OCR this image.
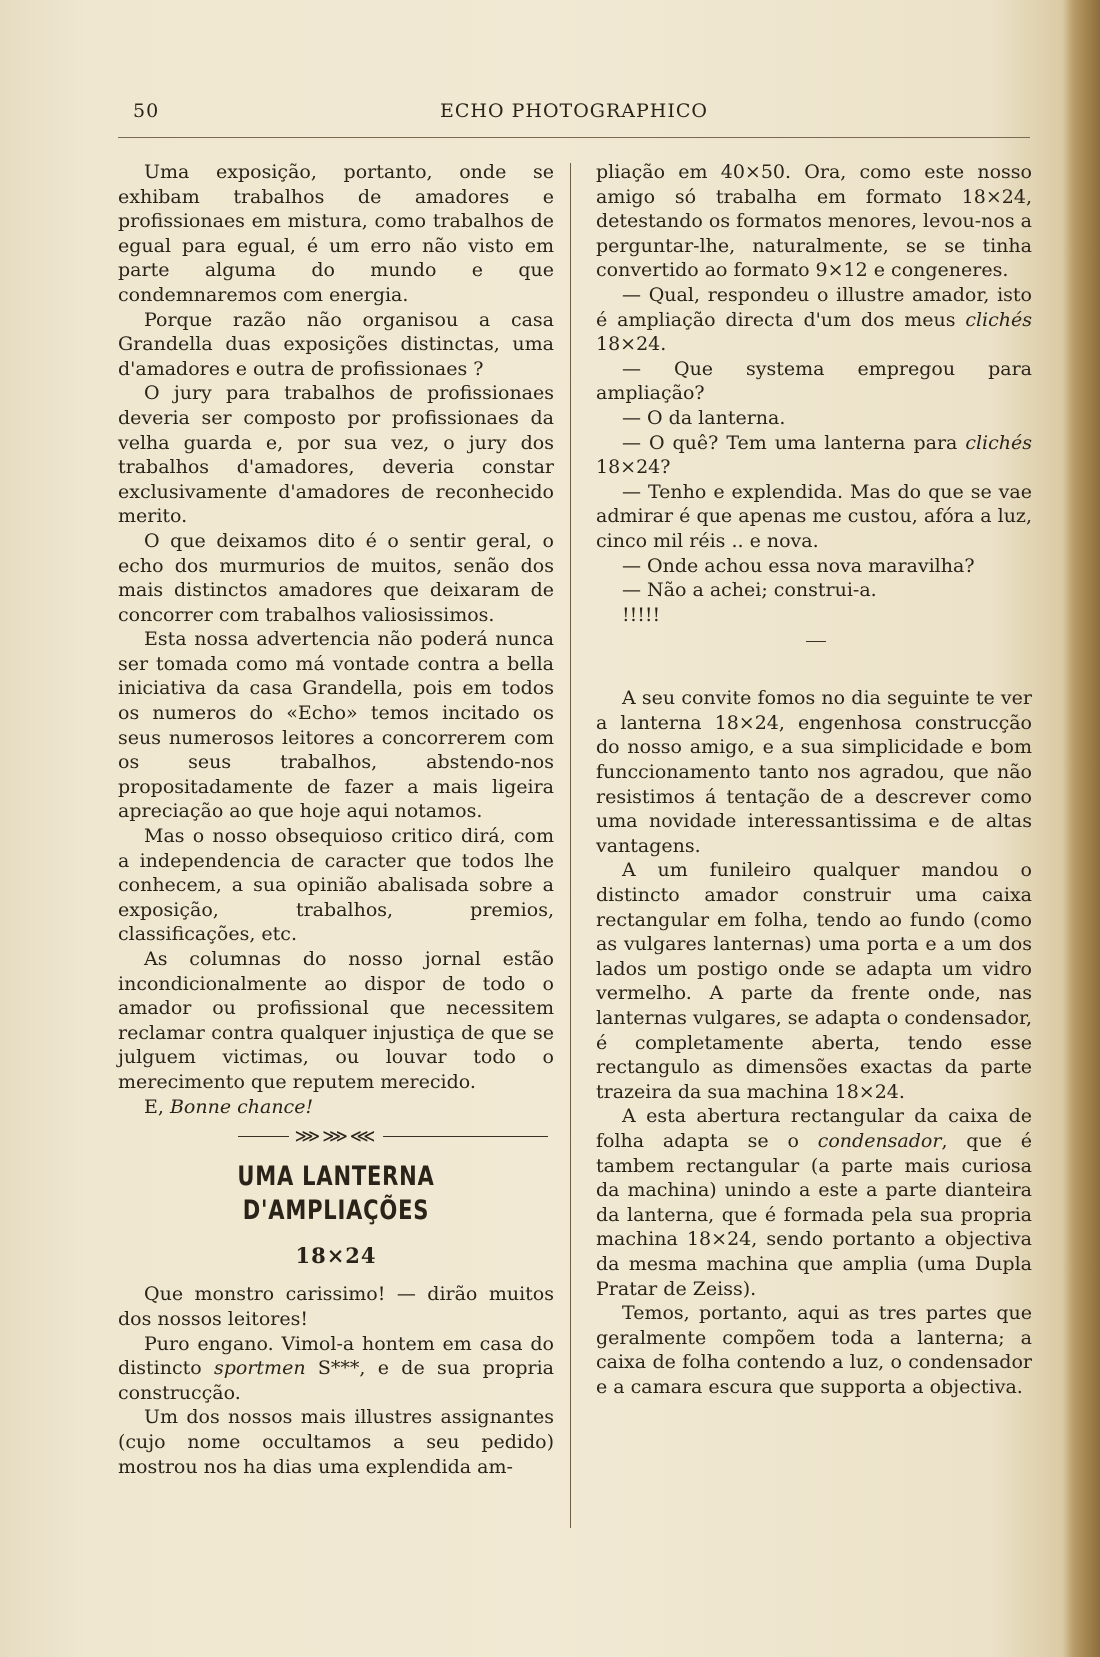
50	ECHO PHOTOGRAPHICO

Uma exposição, portanto, onde se exhibam trabalhos de amadores e profissionaes em mistura, como trabalhos de egual para egual, é um erro não visto em parte alguma do mundo e que condemnaremos com energia.

Porque razão não organisou a casa Grandella duas exposições distinctas, uma d'amadores e outra de profissionaes ?

O jury para trabalhos de profissionaes deveria ser composto por profissionaes da velha guarda e, por sua vez, o jury dos trabalhos d'amadores, deveria constar exclusivamente d'amadores de reconhecido merito.

O que deixamos dito é o sentir geral, o echo dos murmurios de muitos, senão dos mais distinctos amadores que deixaram de concorrer com trabalhos valiosissimos.

Esta nossa advertencia não poderá nunca ser tomada como má vontade contra a bella iniciativa da casa Grandella, pois em todos os numeros do «Echo» temos incitado os seus numerosos leitores a concorrerem com os seus trabalhos, abstendo-nos propositadamente de fazer a mais ligeira apreciação ao que hoje aqui notamos.

Mas o nosso obsequioso critico dirá, com a independencia de caracter que todos lhe conhecem, a sua opinião abalisada sobre a exposição, trabalhos, premios, classificações, etc.

As columnas do nosso jornal estão incondicionalmente ao dispor de todo o amador ou profissional que necessitem reclamar contra qualquer injustiça de que se julguem victimas, ou louvar todo o merecimento que reputem merecido.

E, Bonne chance!

⋙⋙⋘
UMA LANTERNA D'AMPLIAÇÕES
18×24

Que monstro carissimo! — dirão muitos dos nossos leitores!

Puro engano. Vimol-a hontem em casa do distincto sportmen S***, e de sua propria construcção.

Um dos nossos mais illustres assignantes (cujo nome occultamos a seu pedido) mostrou nos ha dias uma explendida am-

pliação em 40×50. Ora, como este nosso amigo só trabalha em formato 18×24, detestando os formatos menores, levou-nos a perguntar-lhe, naturalmente, se se tinha convertido ao formato 9×12 e congeneres.

— Qual, respondeu o illustre amador, isto é ampliação directa d'um dos meus clichés 18×24.

— Que systema empregou para ampliação?

— O da lanterna.

— O quê? Tem uma lanterna para clichés 18×24?

— Tenho e explendida. Mas do que se vae admirar é que apenas me custou, afóra a luz, cinco mil réis .. e nova.

— Onde achou essa nova maravilha?

— Não a achei; construi-a.

!!!!!

A seu convite fomos no dia seguinte te ver a lanterna 18×24, engenhosa construcção do nosso amigo, e a sua simplicidade e bom funccionamento tanto nos agradou, que não resistimos á tentação de a descrever como uma novidade interessantissima e de altas vantagens.

A um funileiro qualquer mandou o distincto amador construir uma caixa rectangular em folha, tendo ao fundo (como as vulgares lanternas) uma porta e a um dos lados um postigo onde se adapta um vidro vermelho. A parte da frente onde, nas lanternas vulgares, se adapta o condensador, é completamente aberta, tendo esse rectangulo as dimensões exactas da parte trazeira da sua machina 18×24.

A esta abertura rectangular da caixa de folha adapta se o condensador, que é tambem rectangular (a parte mais curiosa da machina) unindo a este a parte dianteira da lanterna, que é formada pela sua propria machina 18×24, sendo portanto a objectiva da mesma machina que amplia (uma Dupla Pratar de Zeiss).

Temos, portanto, aqui as tres partes que geralmente compõem toda a lanterna; a caixa de folha contendo a luz, o condensador e a camara escura que supporta a objectiva.
